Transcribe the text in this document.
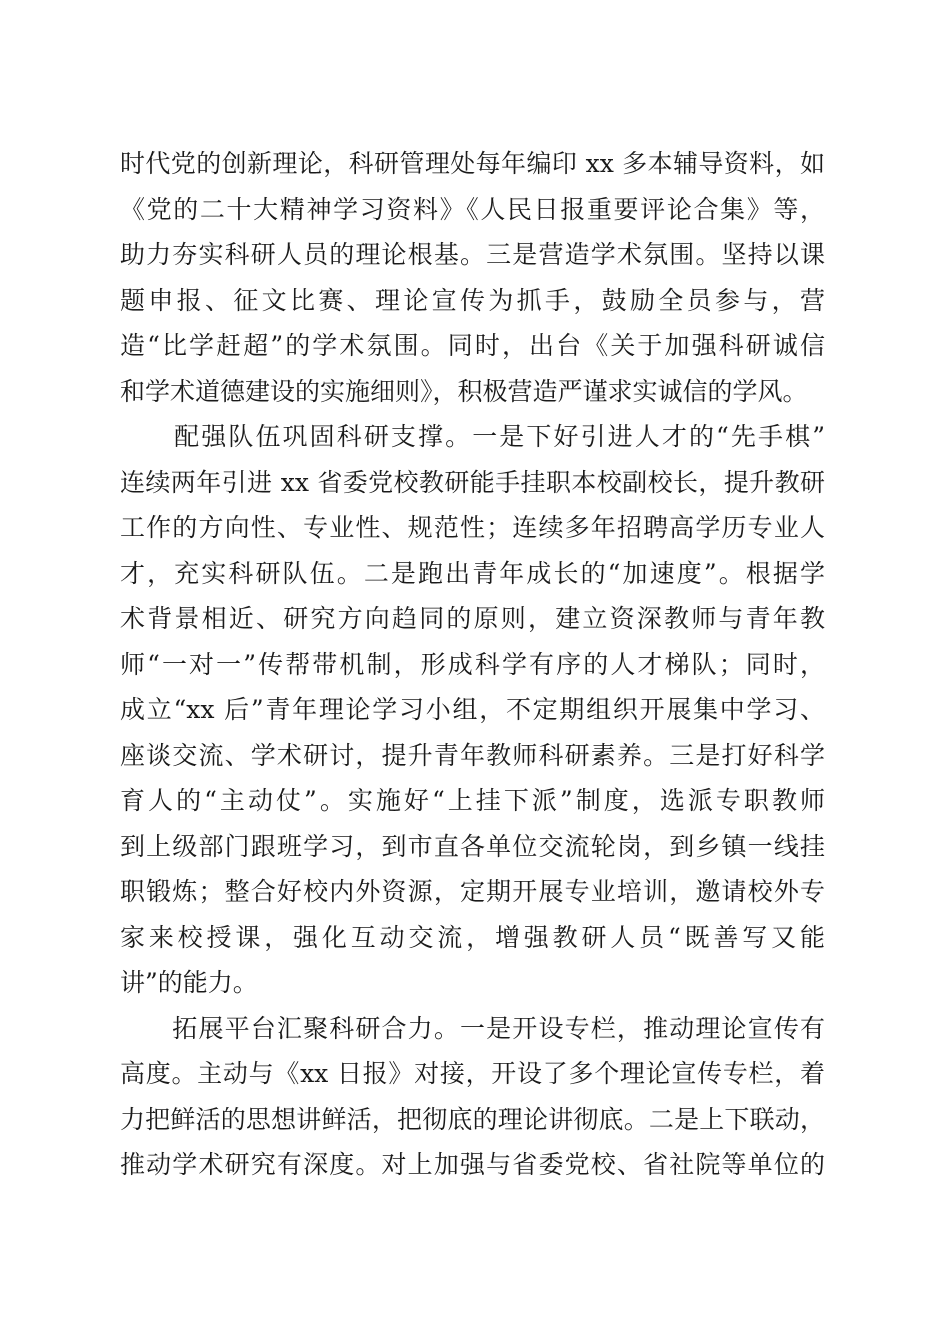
时代党的创新理论，科研管理处每年编印 xx 多本辅导资料，如
《党的二十大精神学习资料》《人民日报重要评论合集》等，
助力夯实科研人员的理论根基。三是营造学术氛围。坚持以课
题申报、征文比赛、理论宣传为抓手，鼓励全员参与，营
造“比学赶超”的学术氛围。同时，出台《关于加强科研诚信
和学术道德建设的实施细则》，积极营造严谨求实诚信的学风。
　　配强队伍巩固科研支撑。一是下好引进人才的“先手棋”
连续两年引进 xx 省委党校教研能手挂职本校副校长，提升教研
工作的方向性、专业性、规范性；连续多年招聘高学历专业人
才，充实科研队伍。二是跑出青年成长的“加速度”。根据学
术背景相近、研究方向趋同的原则，建立资深教师与青年教
师“一对一”传帮带机制，形成科学有序的人才梯队；同时，
成立“xx 后”青年理论学习小组，不定期组织开展集中学习、
座谈交流、学术研讨，提升青年教师科研素养。三是打好科学
育人的“主动仗”。实施好“上挂下派”制度，选派专职教师
到上级部门跟班学习，到市直各单位交流轮岗，到乡镇一线挂
职锻炼；整合好校内外资源，定期开展专业培训，邀请校外专
家来校授课，强化互动交流，增强教研人员“既善写又能
讲”的能力。
　　拓展平台汇聚科研合力。一是开设专栏，推动理论宣传有
高度。主动与《xx 日报》对接，开设了多个理论宣传专栏，着
力把鲜活的思想讲鲜活，把彻底的理论讲彻底。二是上下联动，
推动学术研究有深度。对上加强与省委党校、省社院等单位的
